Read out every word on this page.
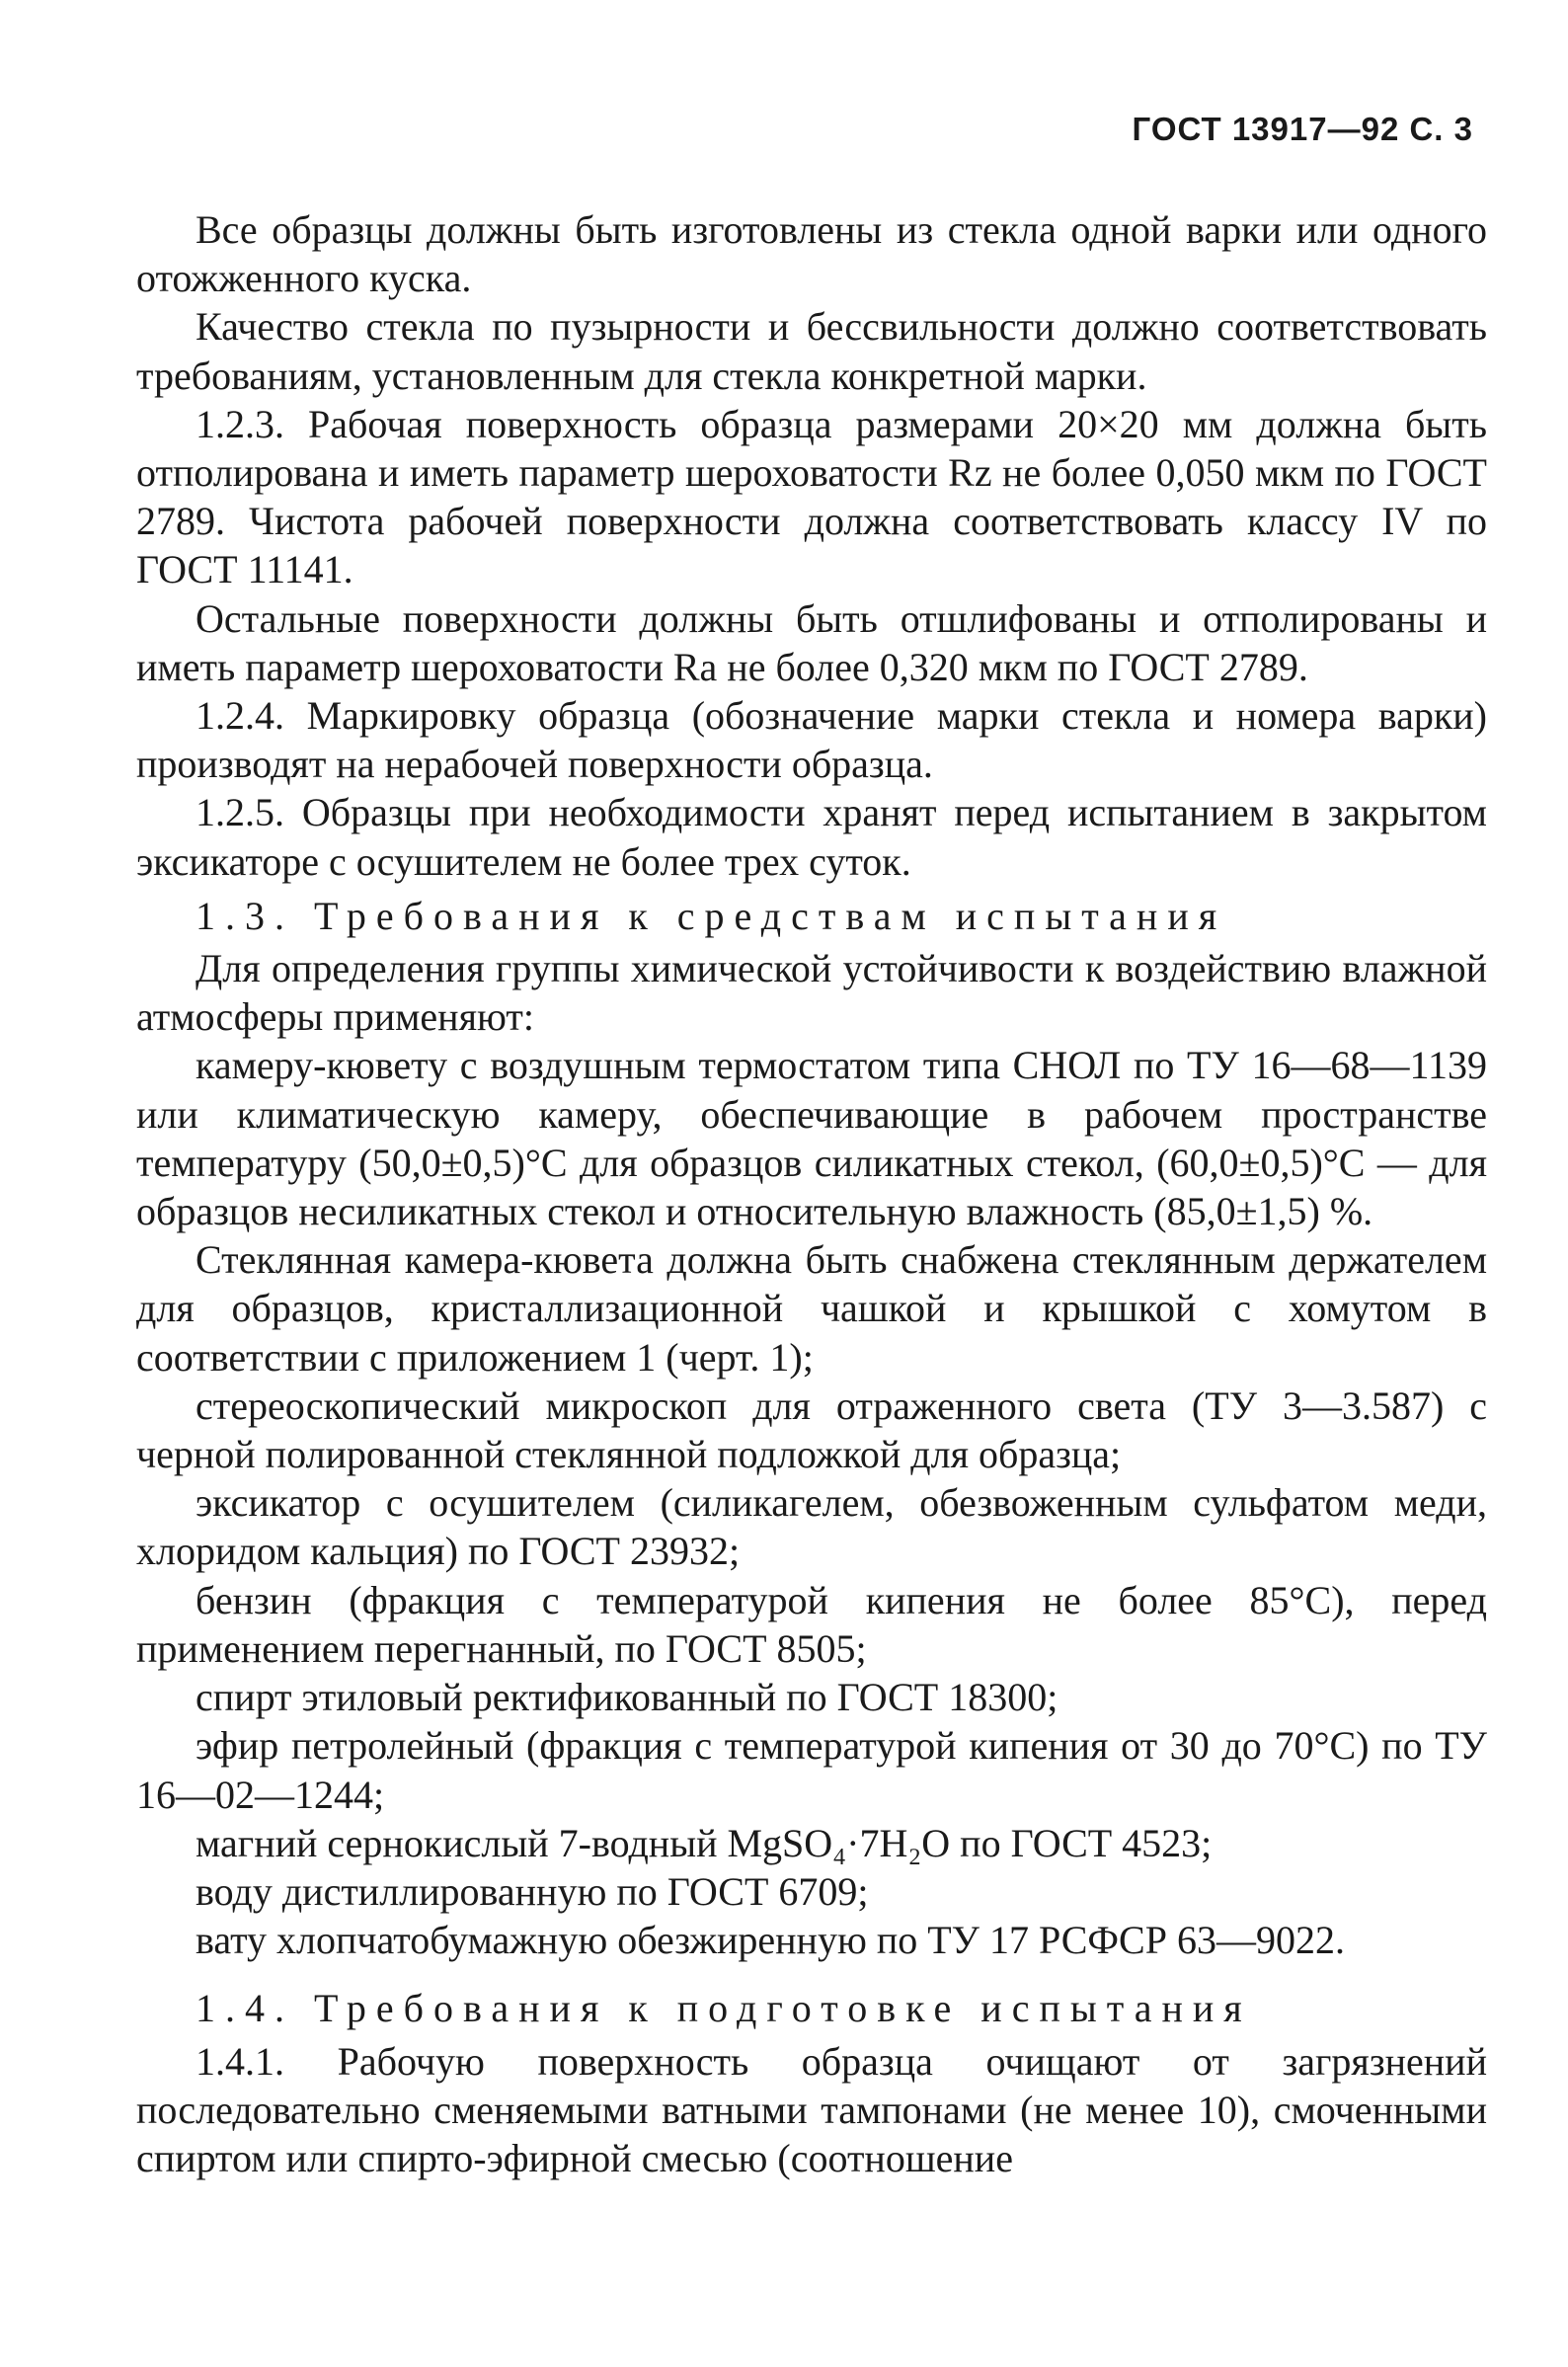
ГОСТ 13917—92 С. 3

Все образцы должны быть изготовлены из стекла одной варки или одного отожженного куска.

Качество стекла по пузырности и бессвильности должно соответствовать требованиям, установленным для стекла конкретной марки.

1.2.3. Рабочая поверхность образца размерами 20×20 мм должна быть отполирована и иметь параметр шероховатости Rz не более 0,050 мкм по ГОСТ 2789. Чистота рабочей поверхности должна соответствовать классу IV по ГОСТ 11141.

Остальные поверхности должны быть отшлифованы и отполированы и иметь параметр шероховатости Ra не более 0,320 мкм по ГОСТ 2789.

1.2.4. Маркировку образца (обозначение марки стекла и номера варки) производят на нерабочей поверхности образца.

1.2.5. Образцы при необходимости хранят перед испытанием в закрытом эксикаторе с осушителем не более трех суток.

1.3. Требования к средствам испытания

Для определения группы химической устойчивости к воздействию влажной атмосферы применяют:

камеру-кювету с воздушным термостатом типа СНОЛ по ТУ 16—68—1139 или климатическую камеру, обеспечивающие в рабочем пространстве температуру (50,0±0,5)°С для образцов силикатных стекол, (60,0±0,5)°С — для образцов несиликатных стекол и относительную влажность (85,0±1,5) %.

Стеклянная камера-кювета должна быть снабжена стеклянным держателем для образцов, кристаллизационной чашкой и крышкой с хомутом в соответствии с приложением 1 (черт. 1);

стереоскопический микроскоп для отраженного света (ТУ 3—3.587) с черной полированной стеклянной подложкой для образца;

эксикатор с осушителем (силикагелем, обезвоженным сульфатом меди, хлоридом кальция) по ГОСТ 23932;

бензин (фракция с температурой кипения не более 85°С), перед применением перегнанный, по ГОСТ 8505;

спирт этиловый ректификованный по ГОСТ 18300;

эфир петролейный (фракция с температурой кипения от 30 до 70°С) по ТУ 16—02—1244;

магний сернокислый 7-водный MgSO₄·7H₂O по ГОСТ 4523;

воду дистиллированную по ГОСТ 6709;

вату хлопчатобумажную обезжиренную по ТУ 17 РСФСР 63—9022.

1.4. Требования к подготовке испытания

1.4.1. Рабочую поверхность образца очищают от загрязнений последовательно сменяемыми ватными тампонами (не менее 10), смоченными спиртом или спирто-эфирной смесью (соотношение
